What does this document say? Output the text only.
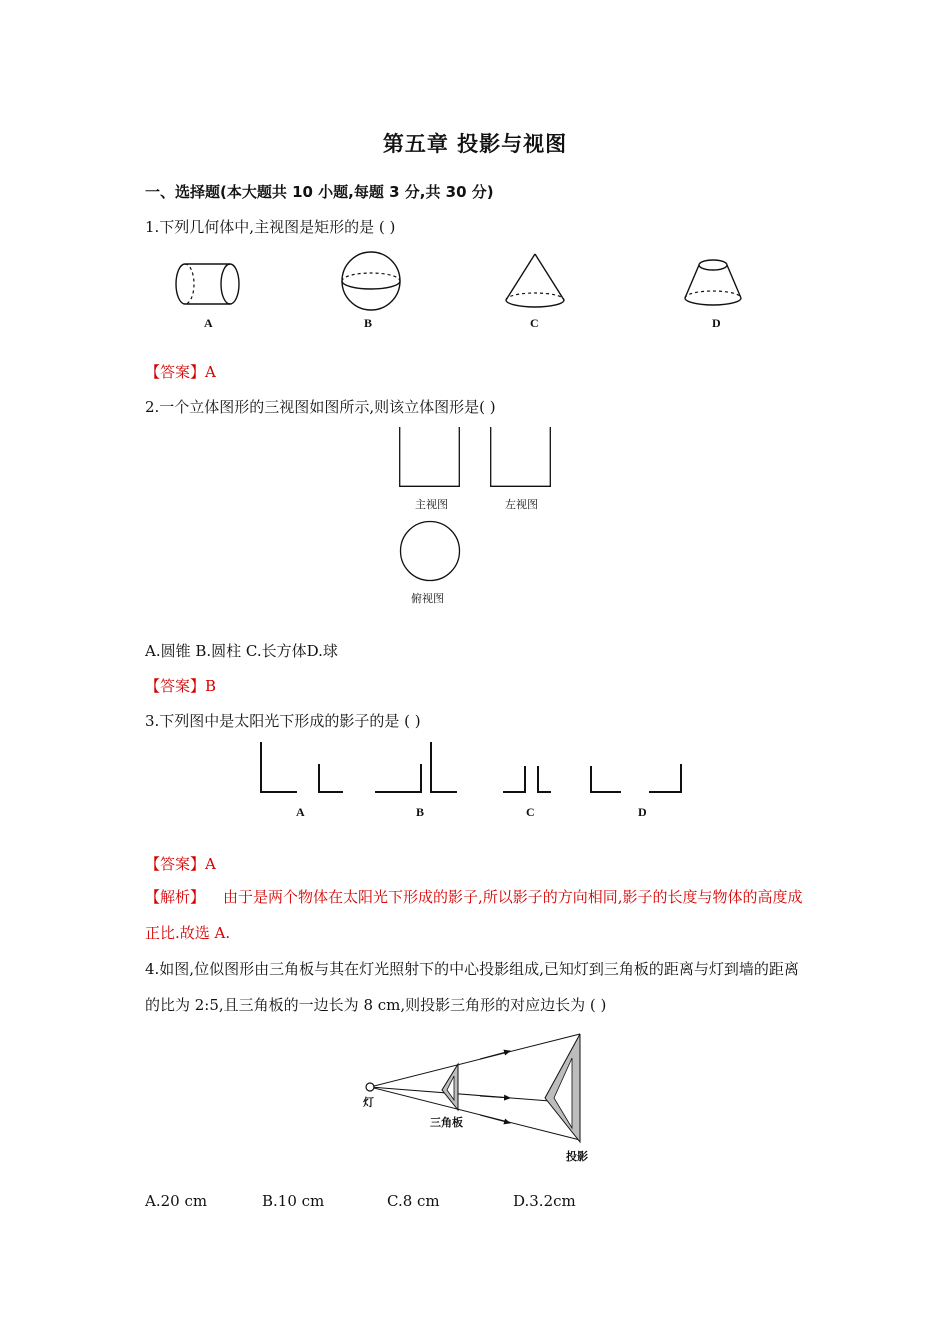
第五章 投影与视图
一、选择题(本大题共 10 小题,每题 3 分,共 30 分)
1.下列几何体中,主视图是矩形的是 ( )
A	B	C	D
【答案】A
2.一个立体图形的三视图如图所示,则该立体图形是( )
主视图	左视图
俯视图
A.圆锥 B.圆柱 C.长方体D.球
【答案】B
3.下列图中是太阳光下形成的影子的是 ( )
A	B	C	D
【答案】A
【解析】 由于是两个物体在太阳光下形成的影子,所以影子的方向相同,影子的长度与物体的高度成正比.故选 A.
4.如图,位似图形由三角板与其在灯光照射下的中心投影组成,已知灯到三角板的距离与灯到墙的距离的比为 2:5,且三角板的一边长为 8 cm,则投影三角形的对应边长为 ( )
灯
三角板
投影
A.20 cm	B.10 cm	C.8 cm	D.3.2cm
